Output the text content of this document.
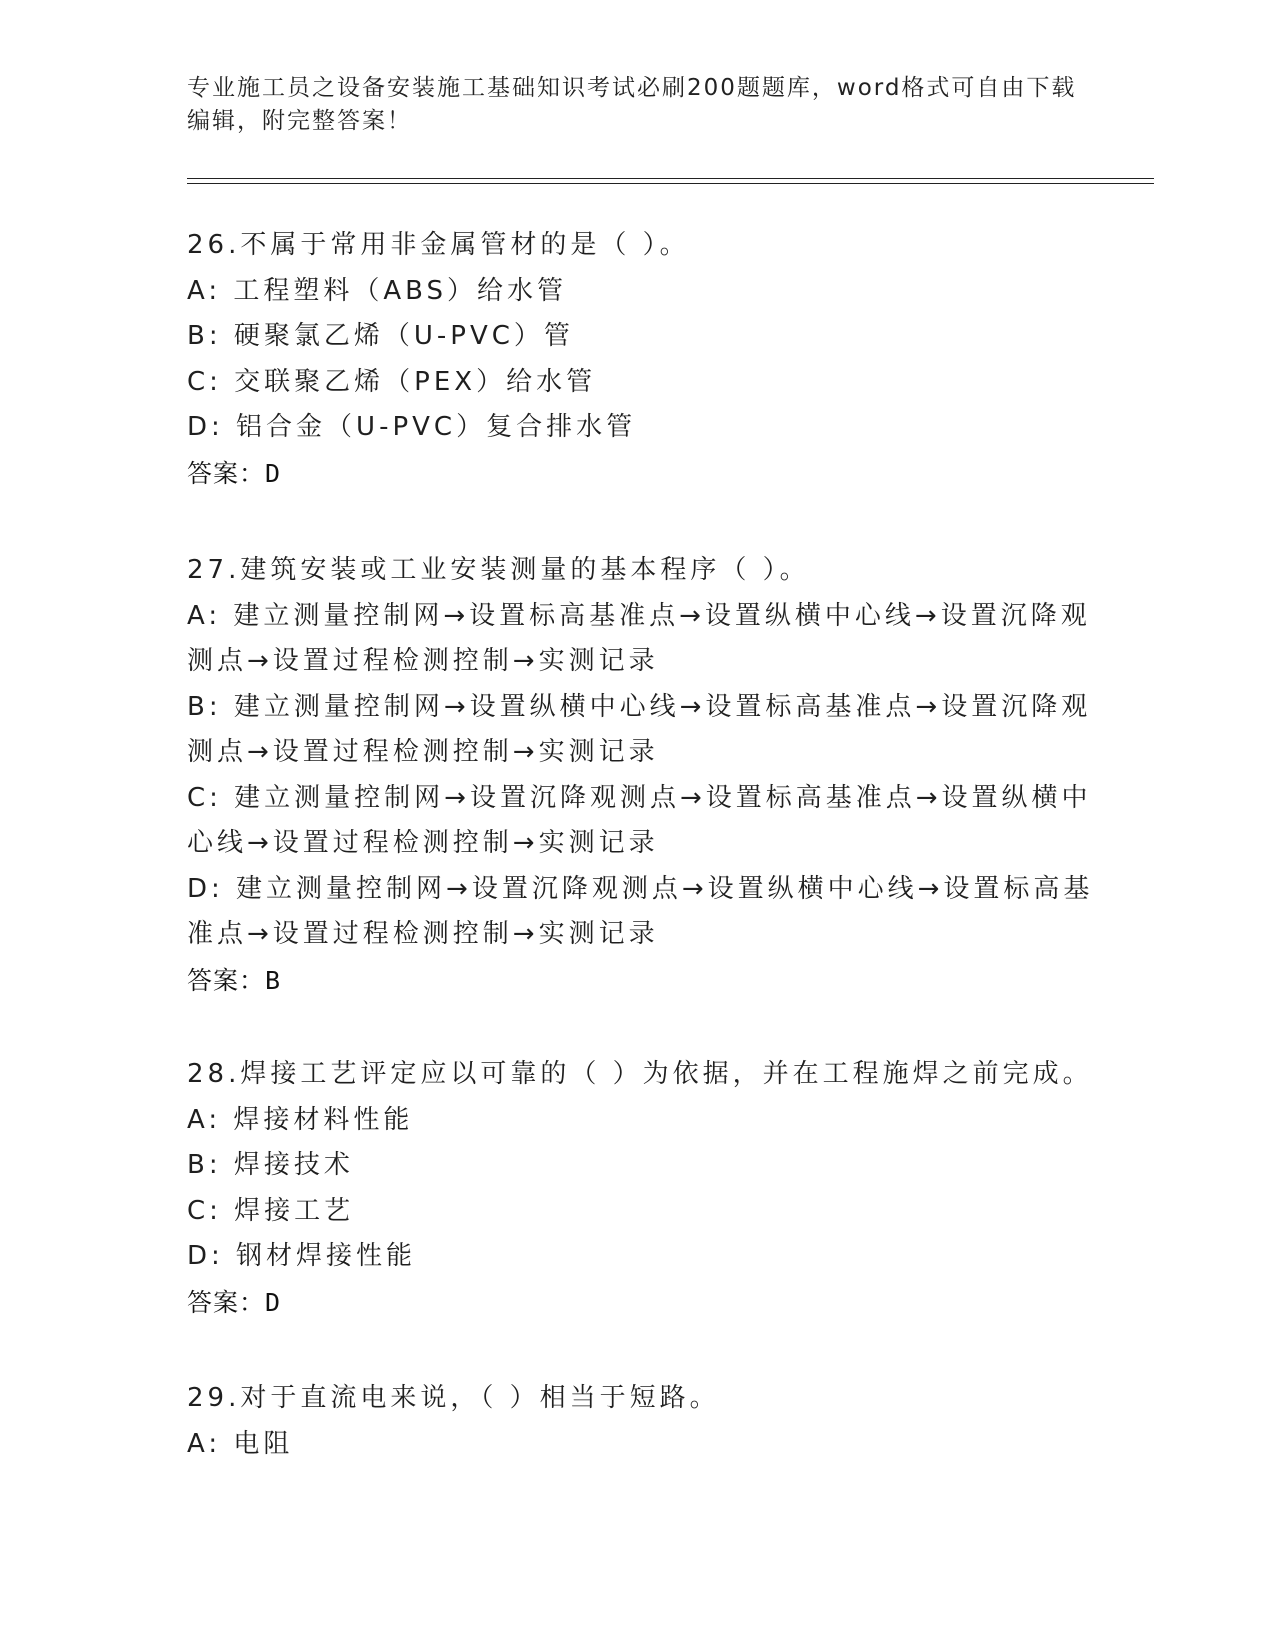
专业施工员之设备安装施工基础知识考试必刷200题题库，word格式可自由下载
编辑，附完整答案！
26.不属于常用非金属管材的是（ ）。
A: 工程塑料（ABS）给水管
B: 硬聚氯乙烯（U-PVC）管
C: 交联聚乙烯（PEX）给水管
D: 铝合金（U-PVC）复合排水管
答案：D
27.建筑安装或工业安装测量的基本程序（ ）。
A: 建立测量控制网→设置标高基准点→设置纵横中心线→设置沉降观
测点→设置过程检测控制→实测记录
B: 建立测量控制网→设置纵横中心线→设置标高基准点→设置沉降观
测点→设置过程检测控制→实测记录
C: 建立测量控制网→设置沉降观测点→设置标高基准点→设置纵横中
心线→设置过程检测控制→实测记录
D: 建立测量控制网→设置沉降观测点→设置纵横中心线→设置标高基
准点→设置过程检测控制→实测记录
答案：B
28.焊接工艺评定应以可靠的（ ）为依据，并在工程施焊之前完成。
A: 焊接材料性能
B: 焊接技术
C: 焊接工艺
D: 钢材焊接性能
答案：D
29.对于直流电来说，（ ）相当于短路。
A: 电阻
